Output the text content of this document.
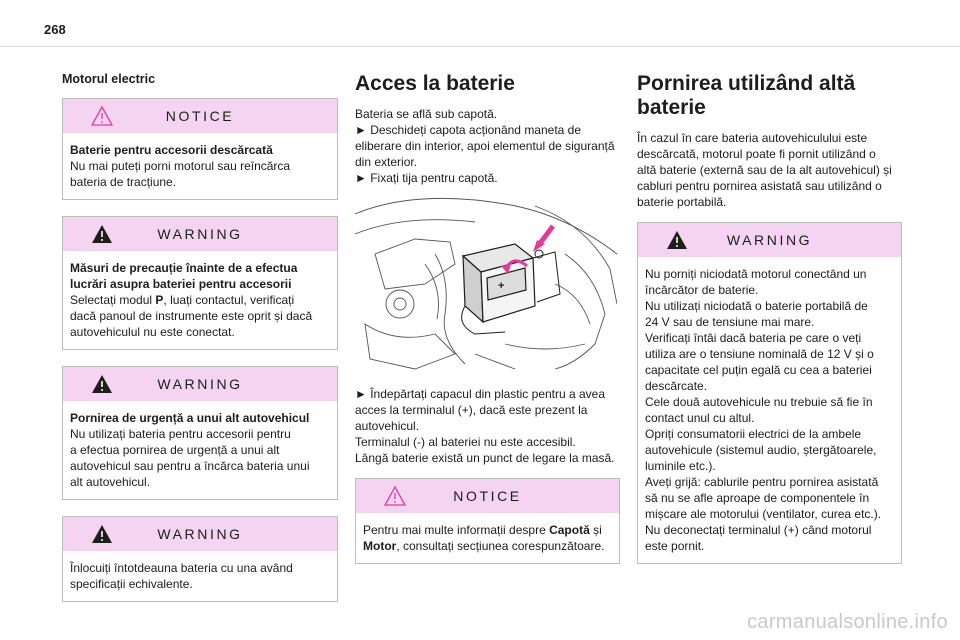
268
Motorul electric
NOTICE
Baterie pentru accesorii descărcată
Nu mai puteți porni motorul sau reîncărca
bateria de tracțiune.
WARNING
Măsuri de precauție înainte de a efectua
lucrări asupra bateriei pentru accesorii
Selectați modul P, luați contactul, verificați
dacă panoul de instrumente este oprit și dacă
autovehiculul nu este conectat.
WARNING
Pornirea de urgență a unui alt autovehicul
Nu utilizați bateria pentru accesorii pentru
a efectua pornirea de urgență a unui alt
autovehicul sau pentru a încărca bateria unui
alt autovehicul.
WARNING
Înlocuiți întotdeauna bateria cu una având
specificații echivalente.
Acces la baterie

Bateria se află sub capotă.
► Deschideți capota acționând maneta de
eliberare din interior, apoi elementul de siguranță
din exterior.
► Fixați tija pentru capotă.

+

► Îndepărtați capacul din plastic pentru a avea
acces la terminalul (+), dacă este prezent la
autovehicul.
Terminalul (-) al bateriei nu este accesibil.
Lângă baterie există un punct de legare la masă.

NOTICE
Pentru mai multe informații despre Capotă și
Motor, consultați secțiunea corespunzătoare.
Pornirea utilizând altă
baterie

În cazul în care bateria autovehiculului este
descărcată, motorul poate fi pornit utilizând o
altă baterie (externă sau de la alt autovehicul) și
cabluri pentru pornirea asistată sau utilizând o
baterie portabilă.

WARNING
Nu porniți niciodată motorul conectând un
încărcător de baterie.
Nu utilizați niciodată o baterie portabilă de
24 V sau de tensiune mai mare.
Verificați întâi dacă bateria pe care o veți
utiliza are o tensiune nominală de 12 V și o
capacitate cel puțin egală cu cea a bateriei
descărcate.
Cele două autovehicule nu trebuie să fie în
contact unul cu altul.
Opriți consumatorii electrici de la ambele
autovehicule (sistemul audio, ștergătoarele,
luminile etc.).
Aveți grijă: cablurile pentru pornirea asistată
să nu se afle aproape de componentele în
mișcare ale motorului (ventilator, curea etc.).
Nu deconectați terminalul (+) când motorul
este pornit.
carmanualsonline.info
